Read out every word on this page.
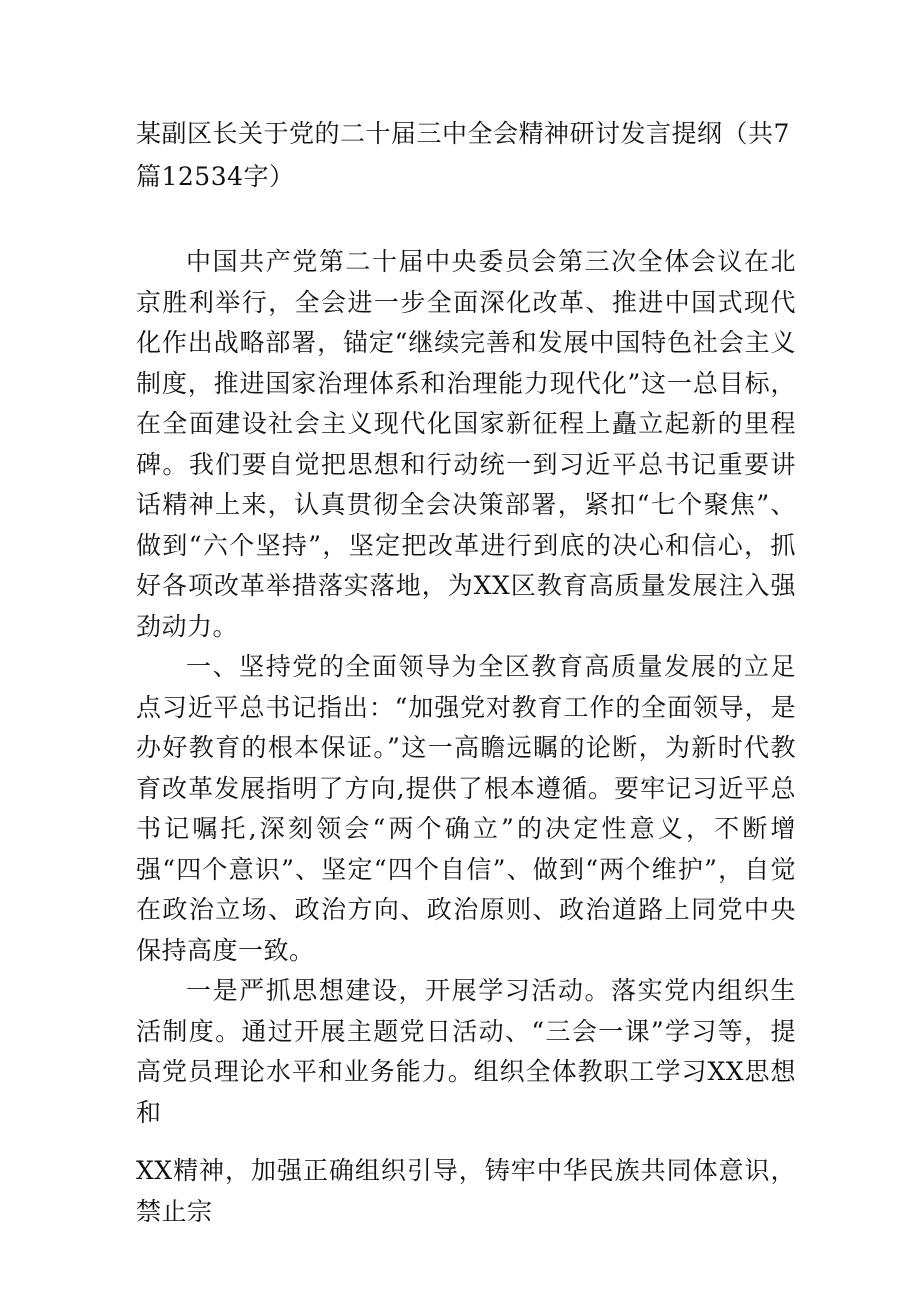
某副区长关于党的二十届三中全会精神研讨发言提纲（共7篇12534字）

中国共产党第二十届中央委员会第三次全体会议在北京胜利举行，全会进一步全面深化改革、推进中国式现代化作出战略部署，锚定“继续完善和发展中国特色社会主义制度，推进国家治理体系和治理能力现代化”这一总目标，在全面建设社会主义现代化国家新征程上矗立起新的里程碑。我们要自觉把思想和行动统一到习近平总书记重要讲话精神上来，认真贯彻全会决策部署，紧扣“七个聚焦”、做到“六个坚持”，坚定把改革进行到底的决心和信心，抓好各项改革举措落实落地，为XX区教育高质量发展注入强劲动力。

一、坚持党的全面领导为全区教育高质量发展的立足点习近平总书记指出：“加强党对教育工作的全面领导，是办好教育的根本保证。”这一高瞻远瞩的论断，为新时代教育改革发展指明了方向,提供了根本遵循。要牢记习近平总书记嘱托,深刻领会“两个确立”的决定性意义，不断增强“四个意识”、坚定“四个自信”、做到“两个维护”，自觉在政治立场、政治方向、政治原则、政治道路上同党中央保持高度一致。

一是严抓思想建设，开展学习活动。落实党内组织生活制度。通过开展主题党日活动、“三会一课”学习等，提高党员理论水平和业务能力。组织全体教职工学习XX思想和

XX精神，加强正确组织引导，铸牢中华民族共同体意识，禁止宗
